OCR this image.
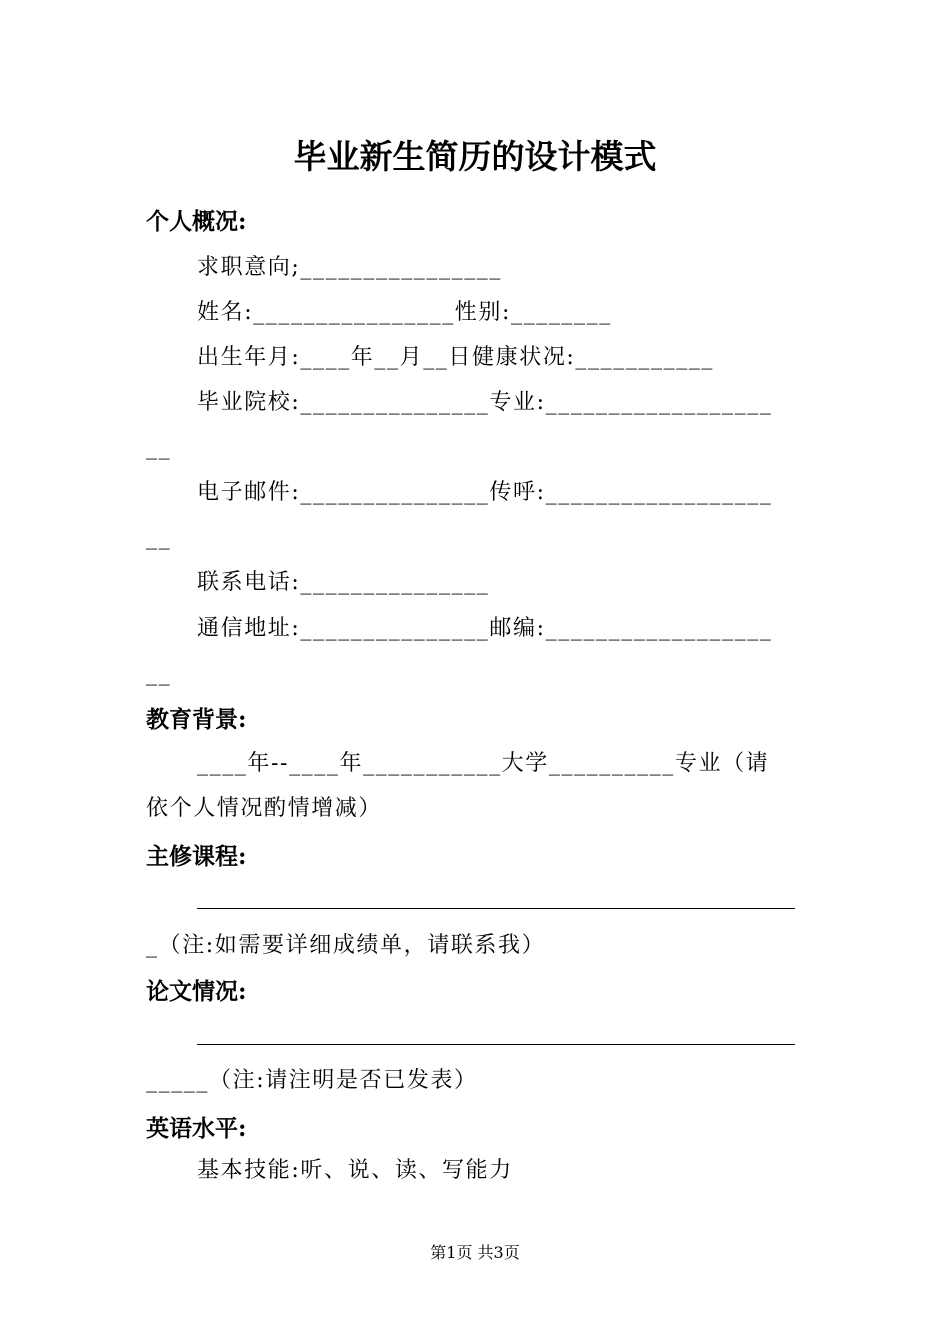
毕业新生简历的设计模式
个人概况:
求职意向;________________
姓名:________________性别:________
出生年月:____年__月__日健康状况:___________
毕业院校:_______________专业:__________________
__
电子邮件:_______________传呼:__________________
__
联系电话:_______________
通信地址:_______________邮编:__________________
__
教育背景:
____年--____年___________大学__________专业（请
依个人情况酌情增减）
主修课程:
_（注:如需要详细成绩单，请联系我）
论文情况:
_____（注:请注明是否已发表）
英语水平:
基本技能:听、说、读、写能力
第1页 共3页
